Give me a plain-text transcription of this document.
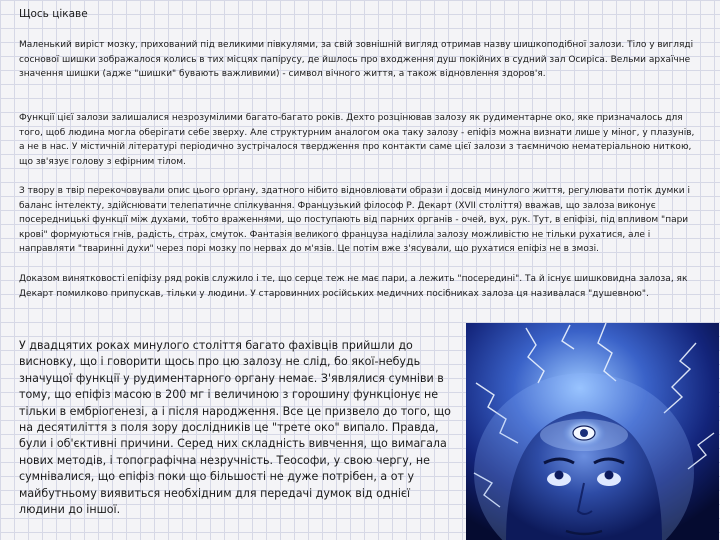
Щось цікаве

Маленький виріст мозку, прихований під великими півкулями, за свій зовнішній вигляд отримав назву шишкоподібної залози. Тіло у вигляді соснової шишки зображалося колись в тих місцях папірусу, де йшлось про входження душ покійних в судний зал Осиріса. Вельми архаїчне значення шишки (адже "шишки" бувають важливими) - символ вічного життя, а також відновлення здоров'я.

Функції цієї залози залишалися незрозумілими багато-багато років. Дехто розцінював залозу як рудиментарне око, яке призначалось для того, щоб людина могла оберігати себе зверху. Але структурним аналогом ока таку залозу - епіфіз можна визнати лише у міног, у плазунів, а не в нас. У містичній літературі періодично зустрічалося твердження про контакти саме цієї залози з таємничою нематеріальною ниткою, що зв'язує голову з ефірним тілом.

З твору в твір перекочовували опис цього органу, здатного нібито відновлювати образи і досвід минулого життя, регулювати потік думки і баланс інтелекту, здійснювати телепатичне спілкування. Французький філософ Р. Декарт (XVII століття) вважав, що залоза виконує посередницькі функції між духами, тобто враженнями, що поступають від парних органів - очей, вух, рук. Тут, в епіфізі, під впливом "пари крові" формуються гнів, радість, страх, смуток. Фантазія великого француза наділила залозу можливістю не тільки рухатися, але і направляти "тваринні духи" через порі мозку по нервах до м'язів. Це потім вже з'ясували, що рухатися епіфіз не в змозі.

Доказом винятковості епіфізу ряд років служило і те, що серце теж не має пари, а лежить "посередині". Та й існує шишковидна залоза, як Декарт помилково припускав, тільки у людини. У старовинних російських медичних посібниках залоза ця називалася "душевною".

У двадцятих роках минулого століття багато фахівців прийшли до висновку, що і говорити щось про цю залозу не слід, бо якої-небудь значущої функції у рудиментарного органу немає. З'являлися сумніви в тому, що епіфіз масою в 200 мг і величиною з горошину функціонує не тільки в ембріогенезі, а і після народження. Все це призвело до того, що на десятиліття з поля зору дослідників це "трете око" випало. Правда, були і об'єктивні причини. Серед них складність вивчення, що вимагала нових методів, і топографічна незручність. Теософи, у свою чергу, не сумнівалися, що епіфіз поки що більшості не дуже потрібен, а от у майбутньому виявиться необхідним для передачі думок від однієї людини до іншої.
